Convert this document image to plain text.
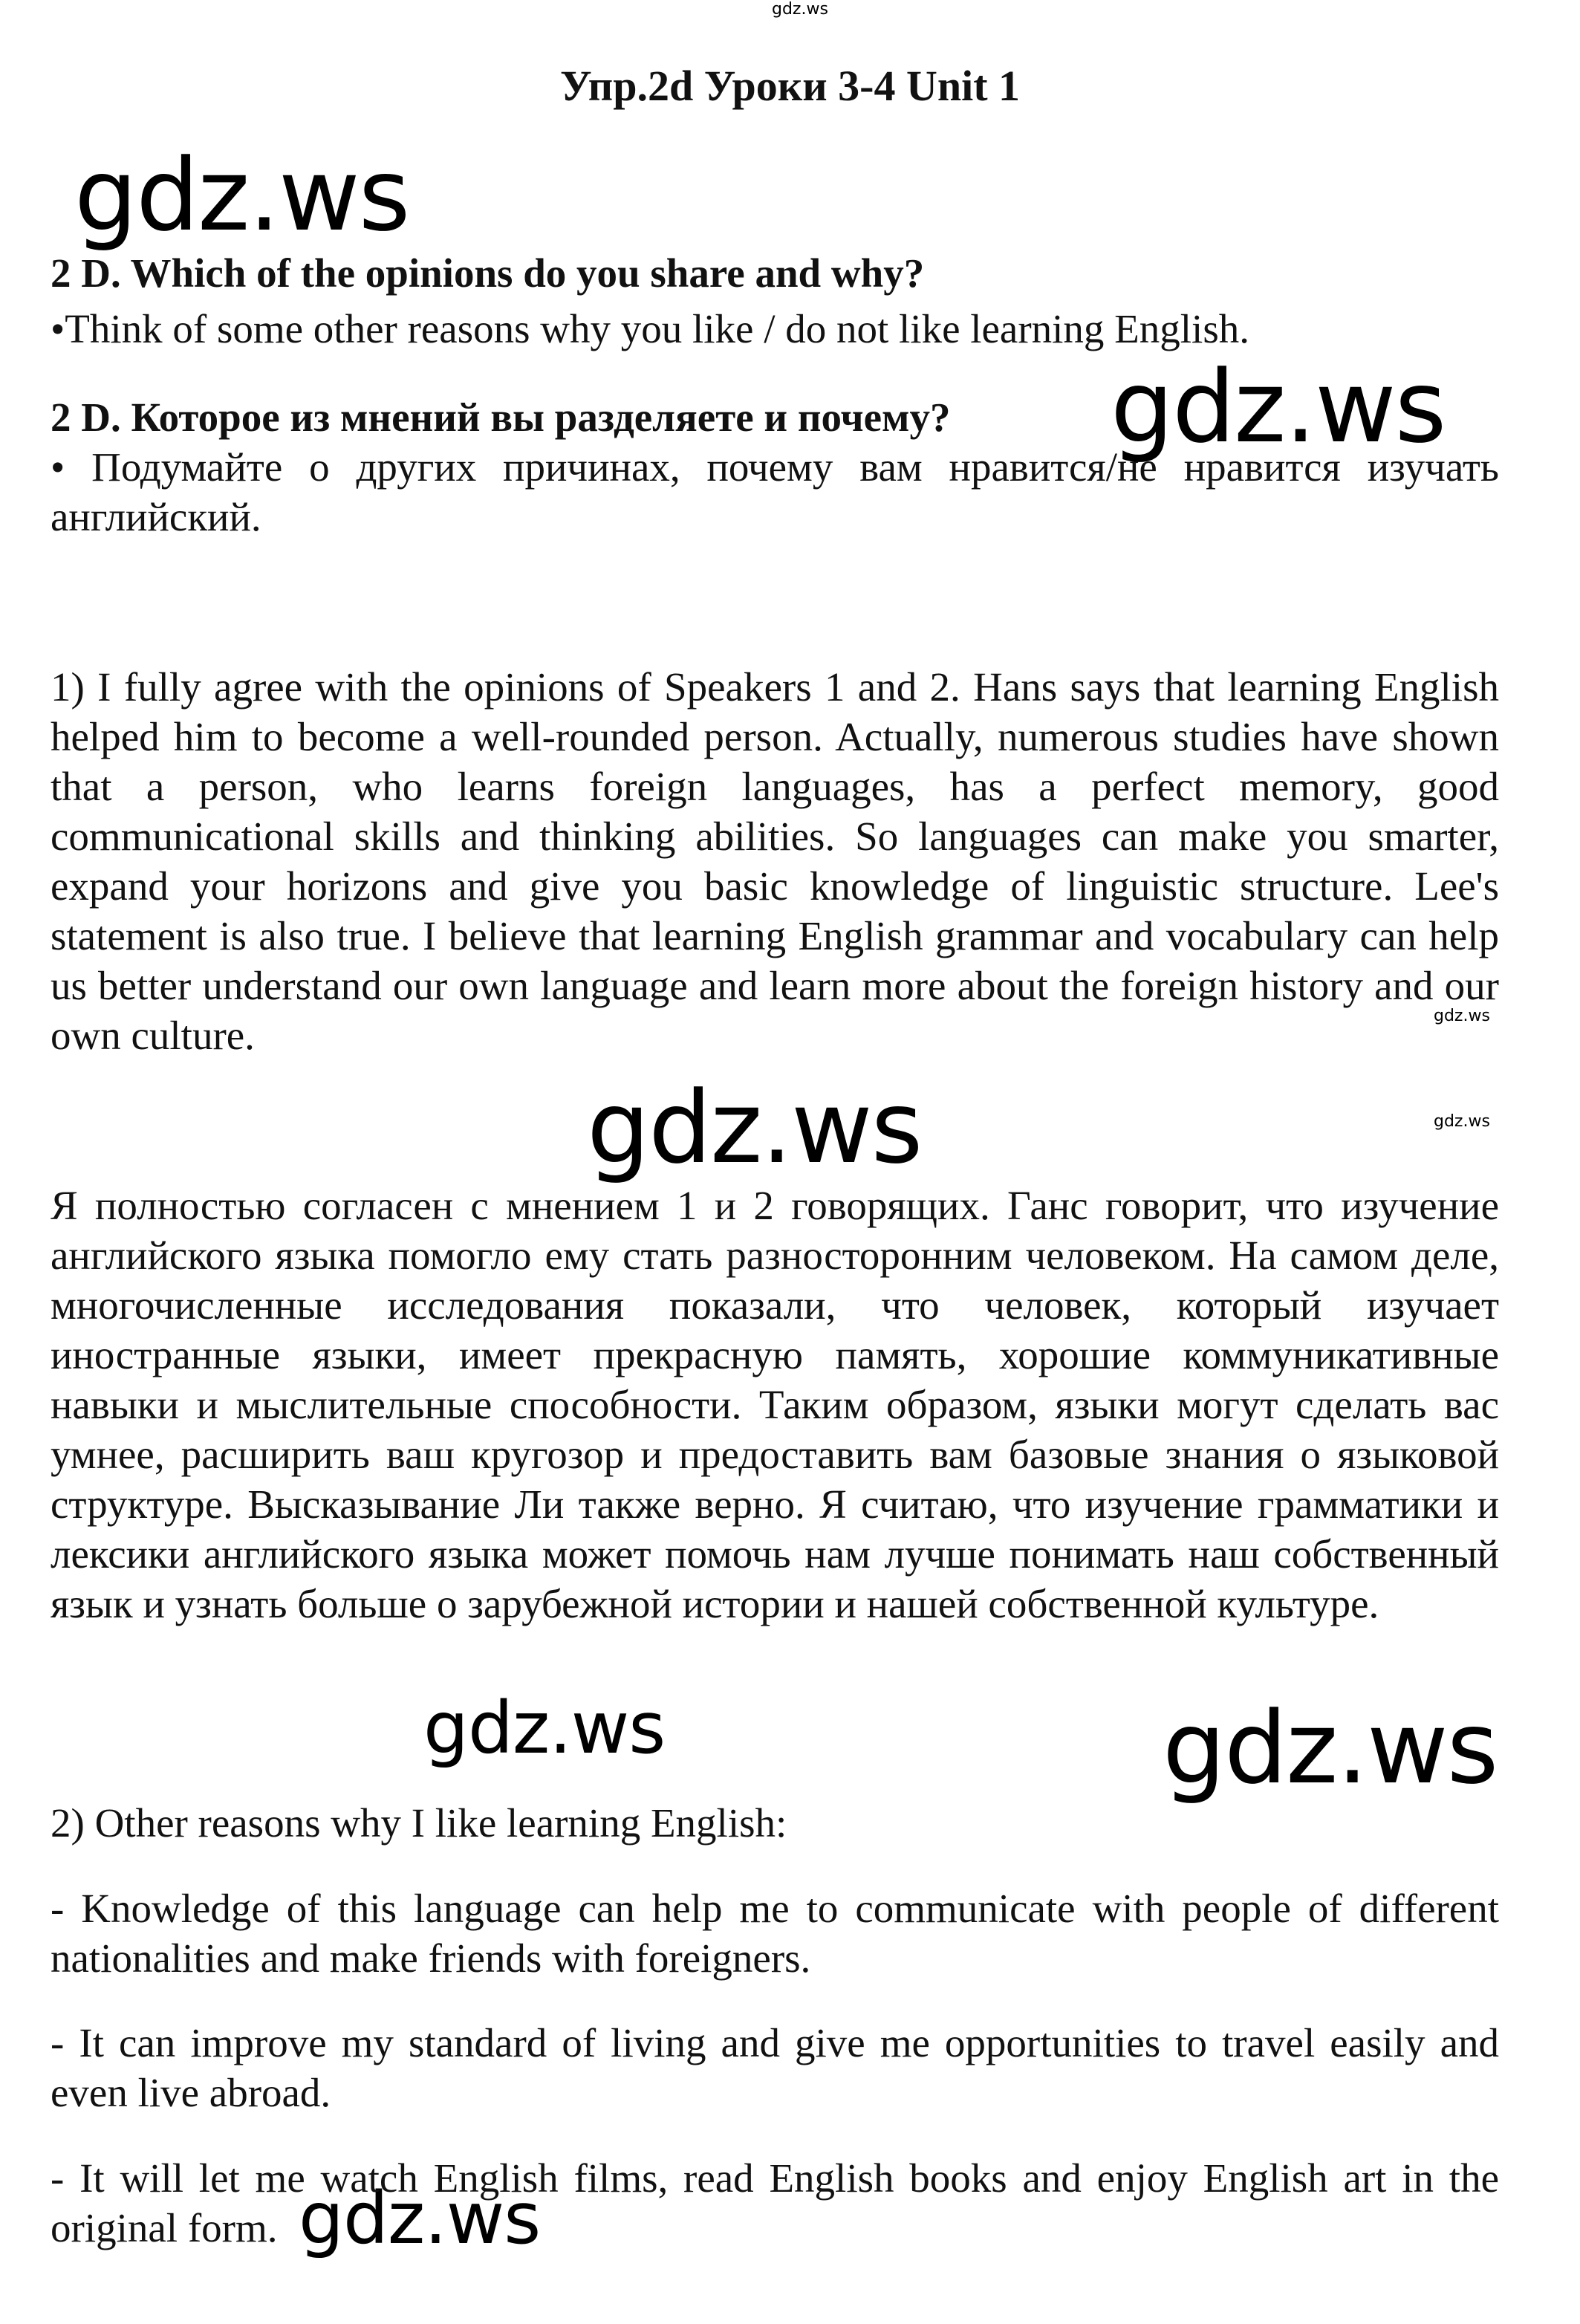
gdz.ws
gdz.ws
gdz.ws
gdz.ws
gdz.ws	gdz.ws
gdz.ws	gdz.ws
gdz.ws
Упр.2d Уроки 3-4 Unit 1

2 D. Which of the opinions do you share and why?

•Think of some other reasons why you like / do not like learning English.

2 D. Которое из мнений вы разделяете и почему?

• Подумайте о других причинах, почему вам нравится/не нравится изучать английский.

1) I fully agree with the opinions of Speakers 1 and 2. Hans says that learning English helped him to become a well-rounded person. Actually, numerous studies have shown that a person, who learns foreign languages, has a perfect memory, good communicational skills and thinking abilities. So languages can make you smarter, expand your horizons and give you basic knowledge of linguistic structure. Lee's statement is also true. I believe that learning English grammar and vocabulary can help us better understand our own language and learn more about the foreign history and our own culture.
Я полностью согласен с мнением 1 и 2 говорящих. Ганс говорит, что изучение английского языка помогло ему стать разносторонним человеком. На самом деле, многочисленные исследования показали, что человек, который изучает иностранные языки, имеет прекрасную память, хорошие коммуникативные навыки и мыслительные способности. Таким образом, языки могут сделать вас умнее, расширить ваш кругозор и предоставить вам базовые знания о языковой структуре. Высказывание Ли также верно. Я считаю, что изучение грамматики и лексики английского языка может помочь нам лучше понимать наш собственный язык и узнать больше о зарубежной истории и нашей собственной культуре.
2) Other reasons why I like learning English:
- Knowledge of this language can help me to communicate with people of different nationalities and make friends with foreigners.
- It can improve my standard of living and give me opportunities to travel easily and even live abroad.
- It will let me watch English films, read English books and enjoy English art in the original form.
